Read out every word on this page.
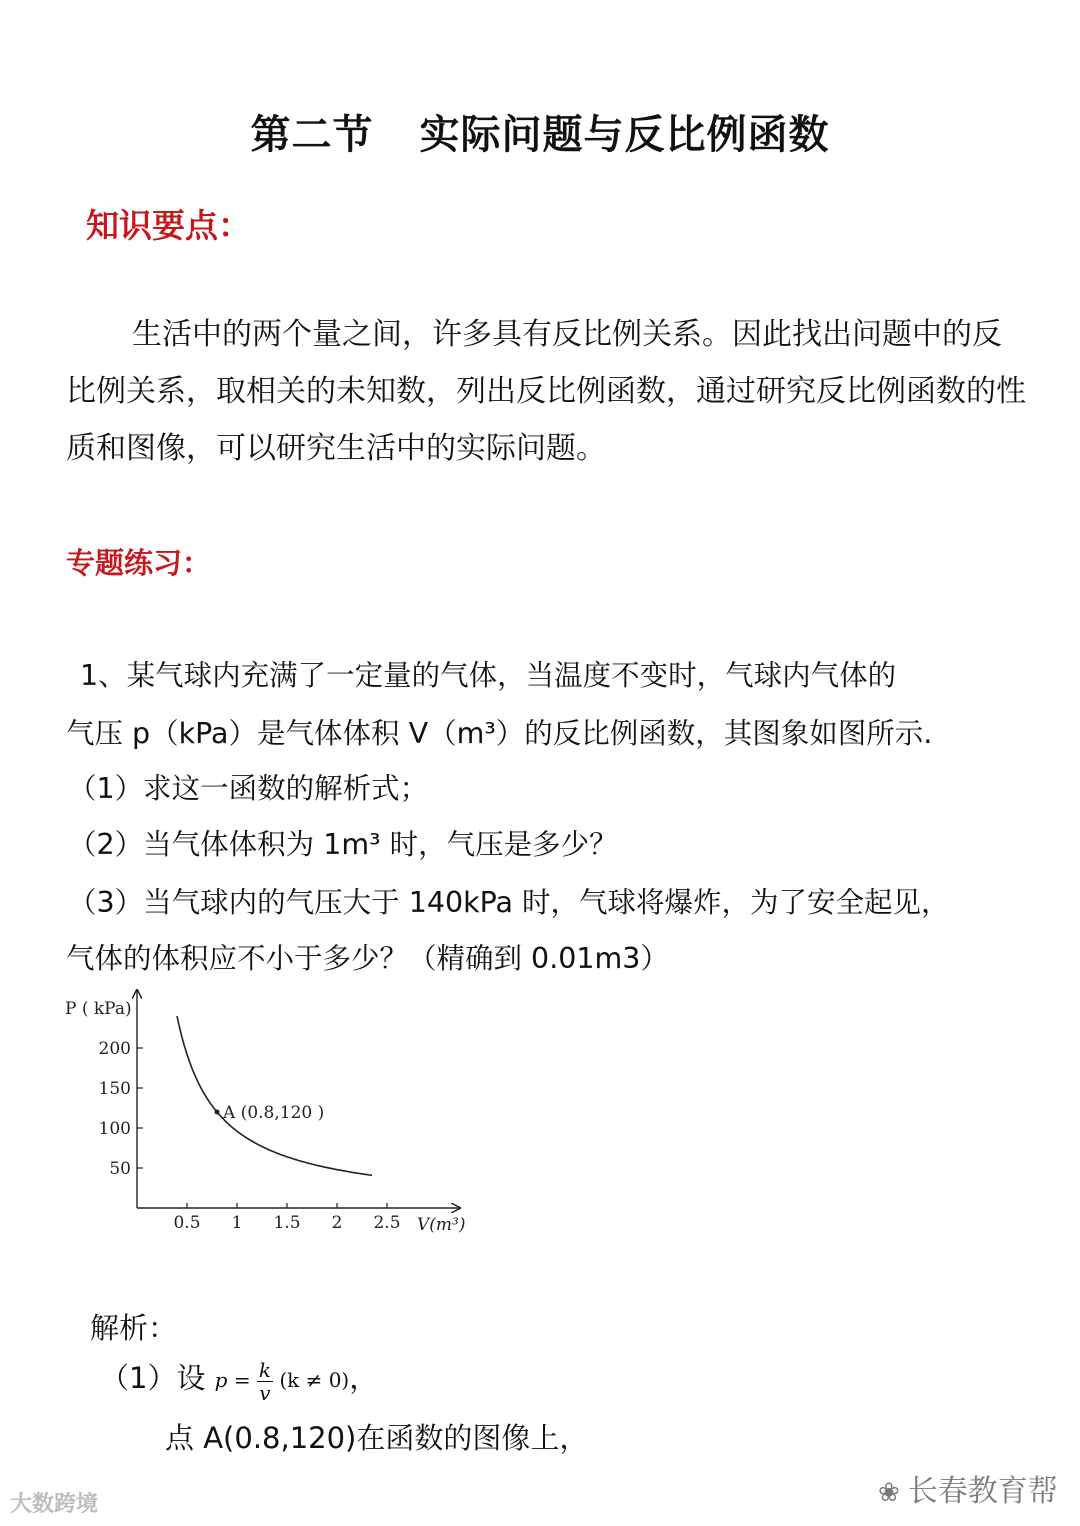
第二节 实际问题与反比例函数
知识要点：
生活中的两个量之间，许多具有反比例关系。因此找出问题中的反比例关系，取相关的未知数，列出反比例函数，通过研究反比例函数的性质和图像，可以研究生活中的实际问题。
专题练习：
1、某气球内充满了一定量的气体，当温度不变时，气球内气体的
气压 p（kPa）是气体体积 V（m³）的反比例函数，其图象如图所示.
（1）求这一函数的解析式；
（2）当气体体积为 1m³ 时，气压是多少？
（3）当气球内的气压大于 140kPa 时，气球将爆炸，为了安全起见，
气体的体积应不小于多少？（精确到 0.01m3）
P ( kPa)
V(m³)
0.5 1 1.5 2 2.5
200
150
100
50
A (0.8,120 )
解析：
（1）设 $p = \frac{k}{v} (k \ne 0)$，
点 A(0.8,120)在函数的图像上，
大数跨境	❀ 长春教育帮
